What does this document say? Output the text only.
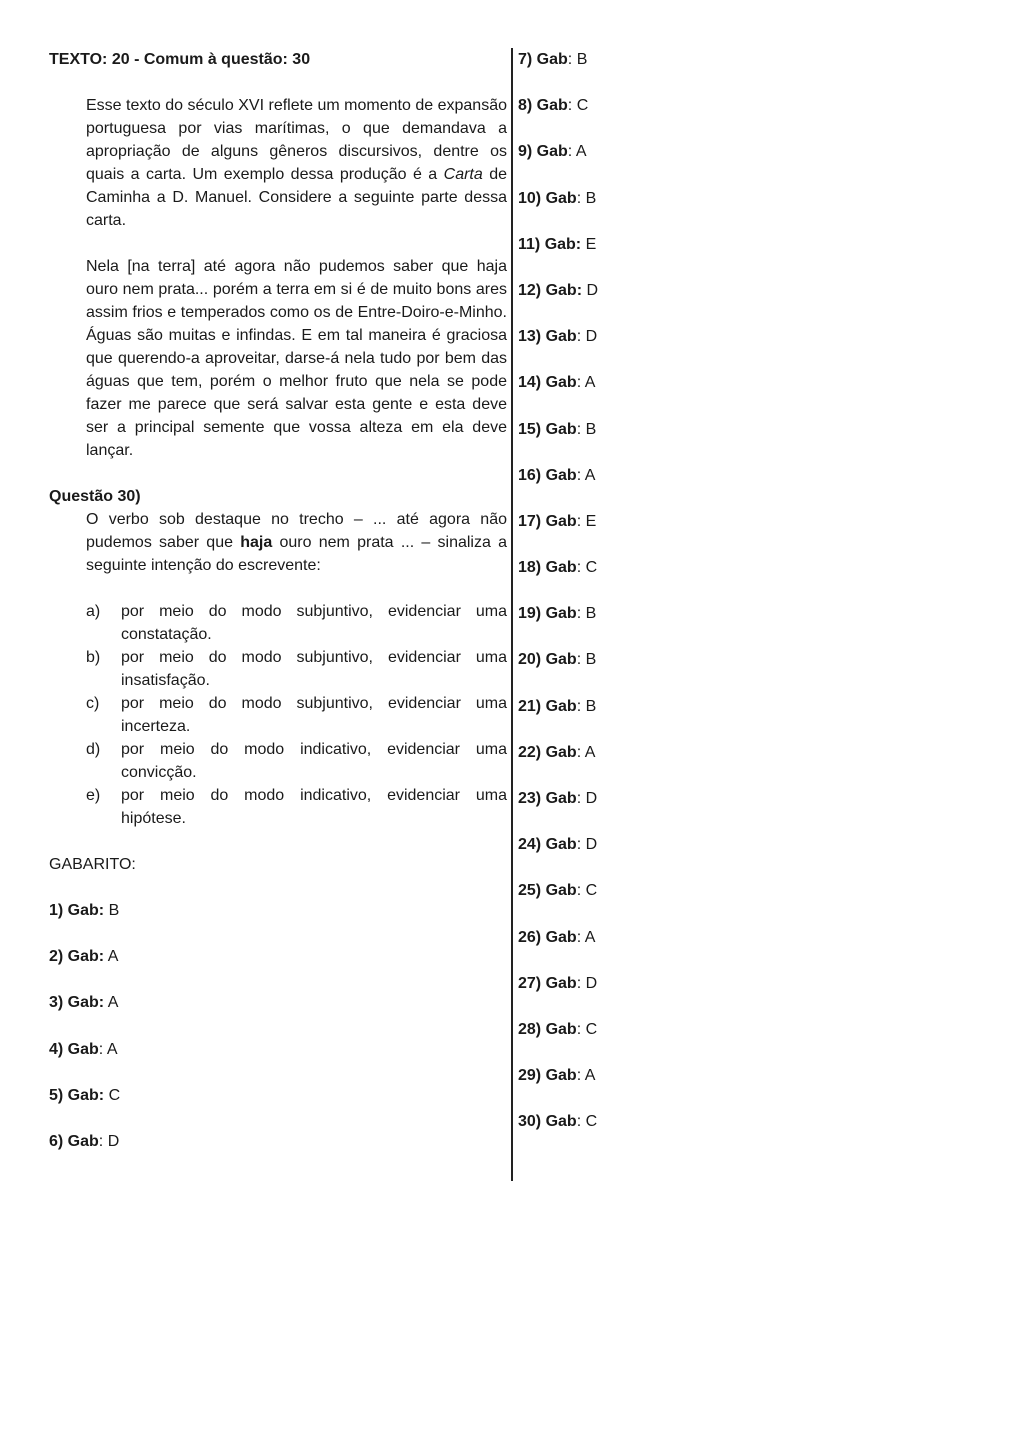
TEXTO: 20 - Comum à questão: 30

Esse texto do século XVI reflete um momento de expansão portuguesa por vias marítimas, o que demandava a apropriação de alguns gêneros discursivos, dentre os quais a carta. Um exemplo dessa produção é a Carta de Caminha a D. Manuel. Considere a seguinte parte dessa carta.

Nela [na terra] até agora não pudemos saber que haja ouro nem prata... porém a terra em si é de muito bons ares assim frios e temperados como os de Entre-Doiro-e-Minho. Águas são muitas e infindas. E em tal maneira é graciosa que querendo-a aproveitar, darse-á nela tudo por bem das águas que tem, porém o melhor fruto que nela se pode fazer me parece que será salvar esta gente e esta deve ser a principal semente que vossa alteza em ela deve lançar.

Questão 30)

O verbo sob destaque no trecho – ... até agora não pudemos saber que haja ouro nem prata ... – sinaliza a seguinte intenção do escrevente:

a)	por meio do modo subjuntivo, evidenciar uma constatação.
b)	por meio do modo subjuntivo, evidenciar uma insatisfação.
c)	por meio do modo subjuntivo, evidenciar uma incerteza.
d)	por meio do modo indicativo, evidenciar uma convicção.
e)	por meio do modo indicativo, evidenciar uma hipótese.

GABARITO:

1) Gab: B
2) Gab: A
3) Gab: A
4) Gab: A
5) Gab: C
6) Gab: D
7) Gab: B
8) Gab: C
9) Gab: A
10) Gab: B
11) Gab: E
12) Gab: D
13) Gab: D
14) Gab: A
15) Gab: B
16) Gab: A
17) Gab: E
18) Gab: C
19) Gab: B
20) Gab: B
21) Gab: B
22) Gab: A
23) Gab: D
24) Gab: D
25) Gab: C
26) Gab: A
27) Gab: D
28) Gab: C
29) Gab: A
30) Gab: C
